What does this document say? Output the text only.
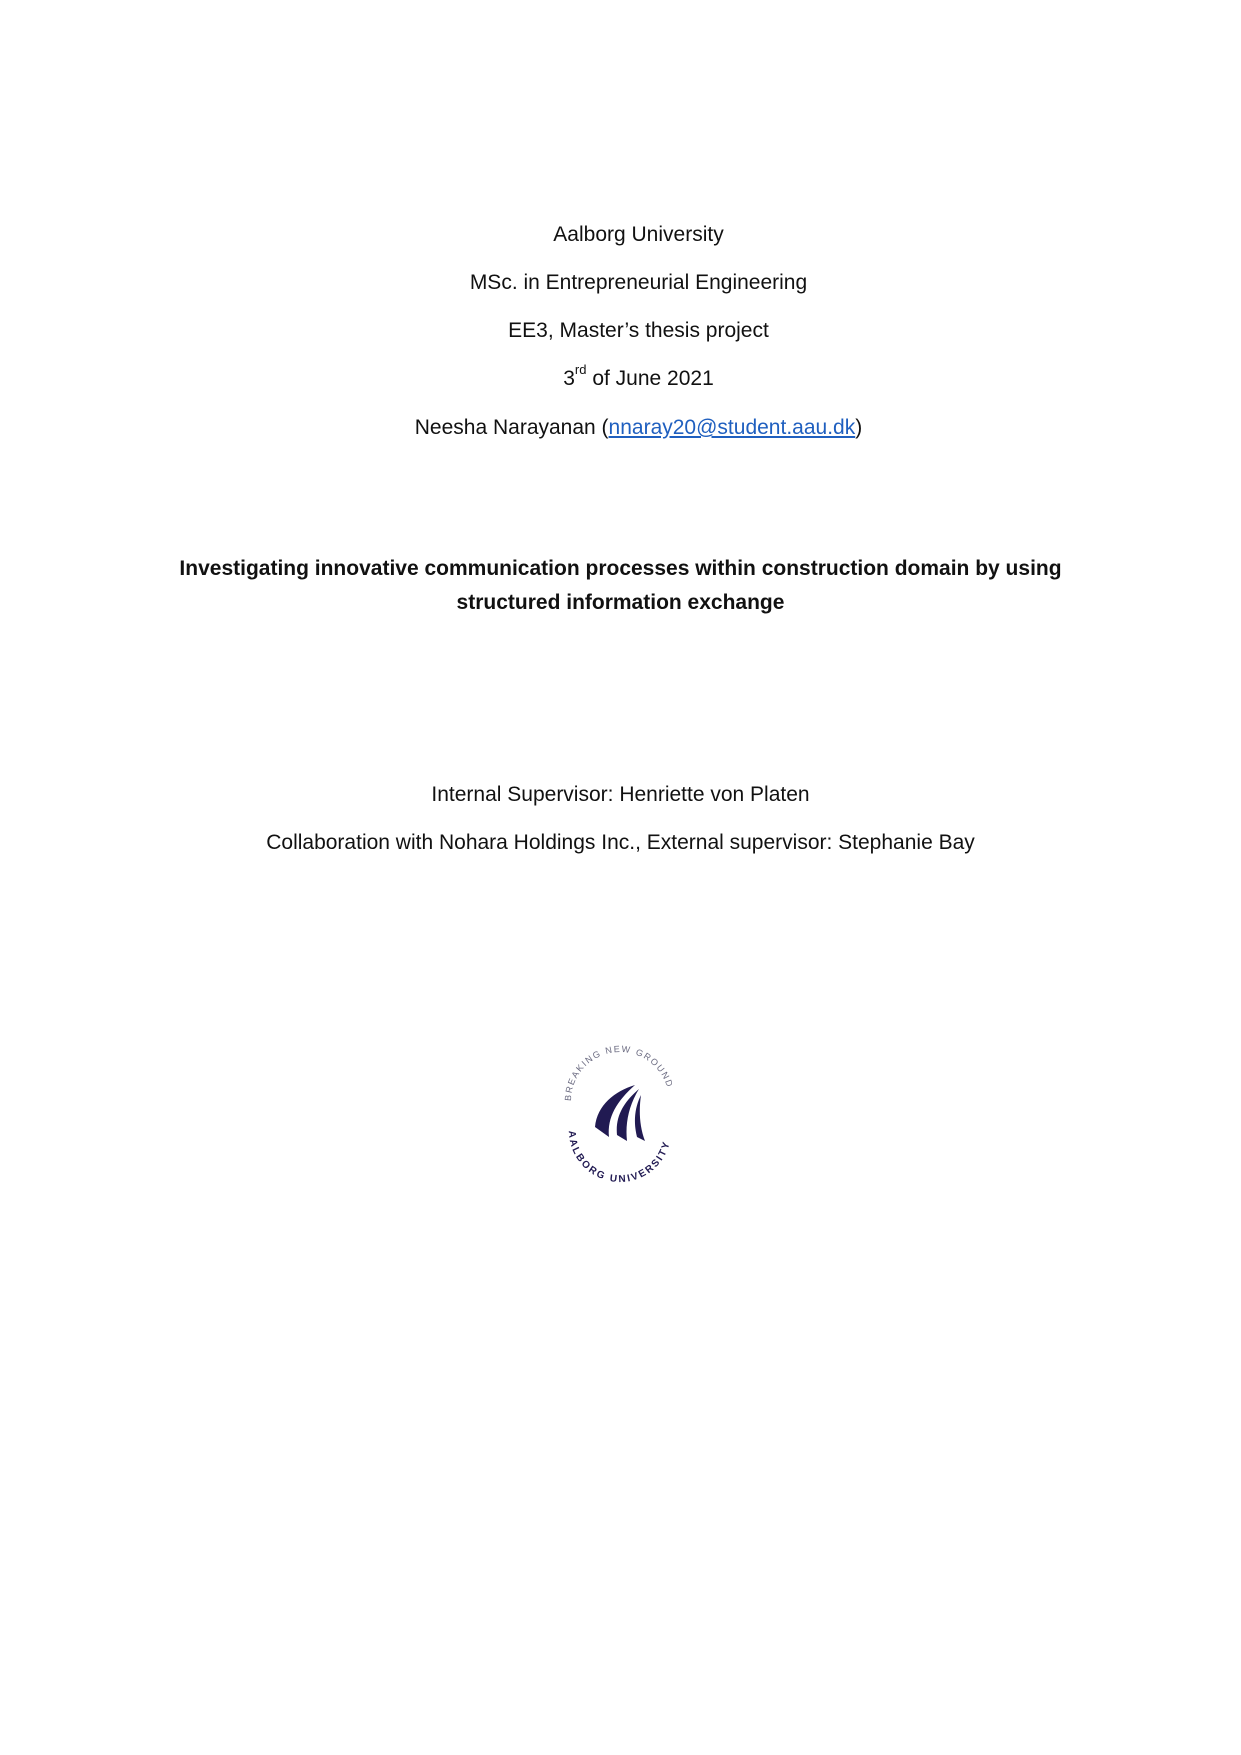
Aalborg University
MSc. in Entrepreneurial Engineering
EE3, Master’s thesis project
3rd of June 2021
Neesha Narayanan (nnaray20@student.aau.dk)
Investigating innovative communication processes within construction domain by using
structured information exchange
Internal Supervisor: Henriette von Platen
Collaboration with Nohara Holdings Inc., External supervisor: Stephanie Bay
BREAKING NEW GROUND
AALBORG UNIVERSITY
